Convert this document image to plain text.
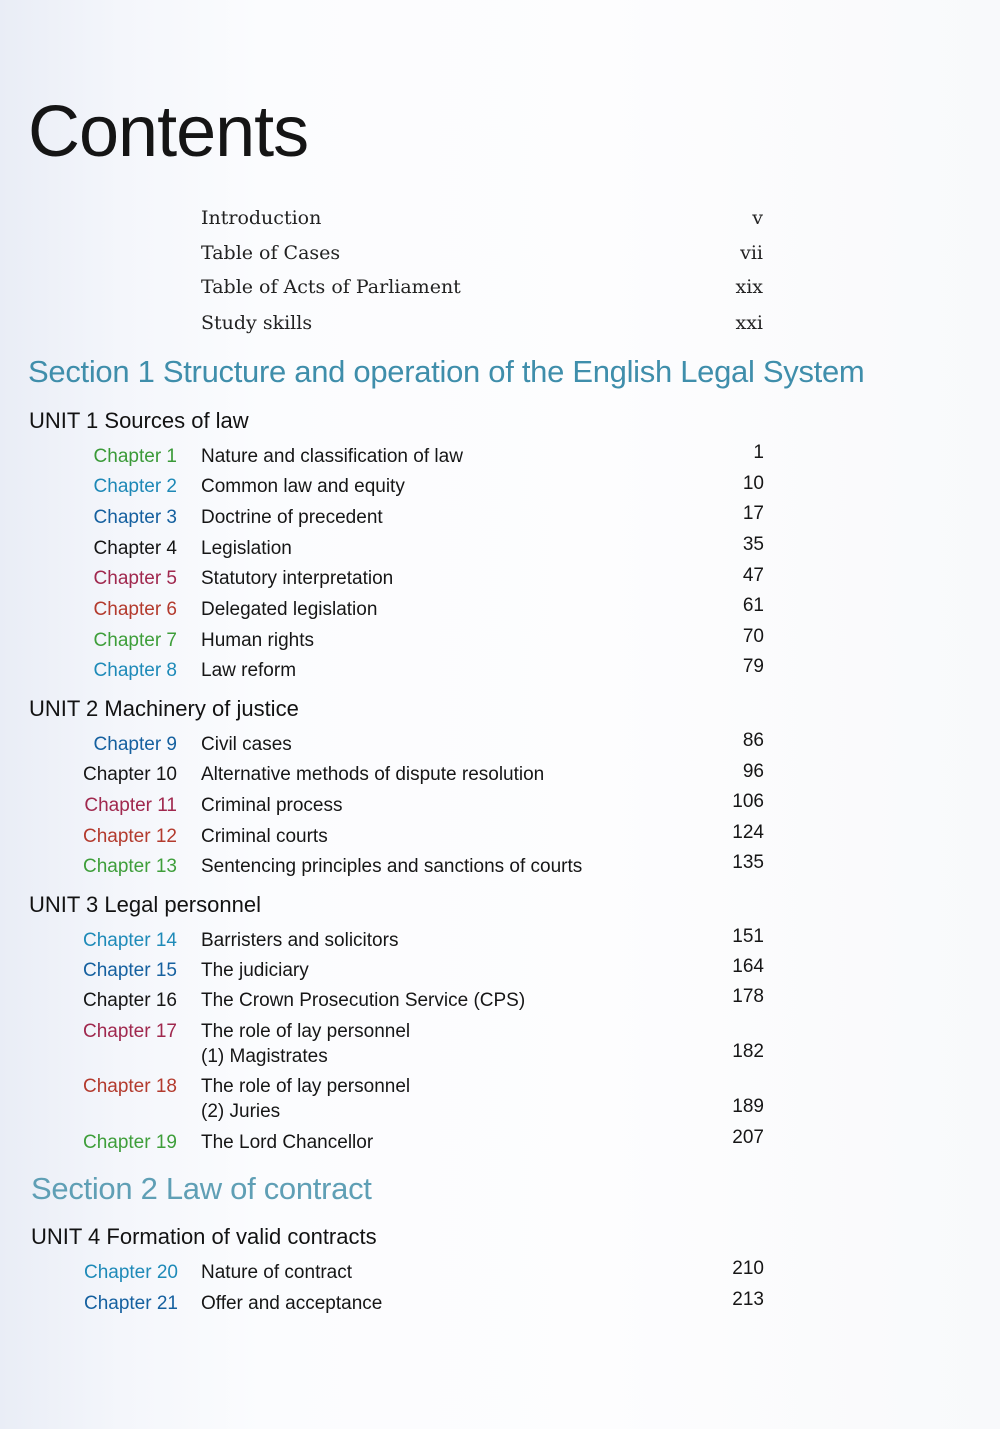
Contents
Introduction	v
Table of Cases	vii
Table of Acts of Parliament	xix
Study skills	xxi
Section 1 Structure and operation of the English Legal System
UNIT 1 Sources of law
Chapter 1 Nature and classification of law	1
Chapter 2 Common law and equity	10
Chapter 3 Doctrine of precedent	17
Chapter 4 Legislation	35
Chapter 5 Statutory interpretation	47
Chapter 6 Delegated legislation	61
Chapter 7 Human rights	70
Chapter 8 Law reform	79
UNIT 2 Machinery of justice
Chapter 9 Civil cases	86
Chapter 10 Alternative methods of dispute resolution	96
Chapter 11 Criminal process	106
Chapter 12 Criminal courts	124
Chapter 13 Sentencing principles and sanctions of courts	135
UNIT 3 Legal personnel
Chapter 14 Barristers and solicitors	151
Chapter 15 The judiciary	164
Chapter 16 The Crown Prosecution Service (CPS)	178
Chapter 17 The role of lay personnel
(1) Magistrates	182
Chapter 18 The role of lay personnel
(2) Juries	189
Chapter 19 The Lord Chancellor	207
Section 2 Law of contract
UNIT 4 Formation of valid contracts
Chapter 20 Nature of contract	210
Chapter 21 Offer and acceptance	213
